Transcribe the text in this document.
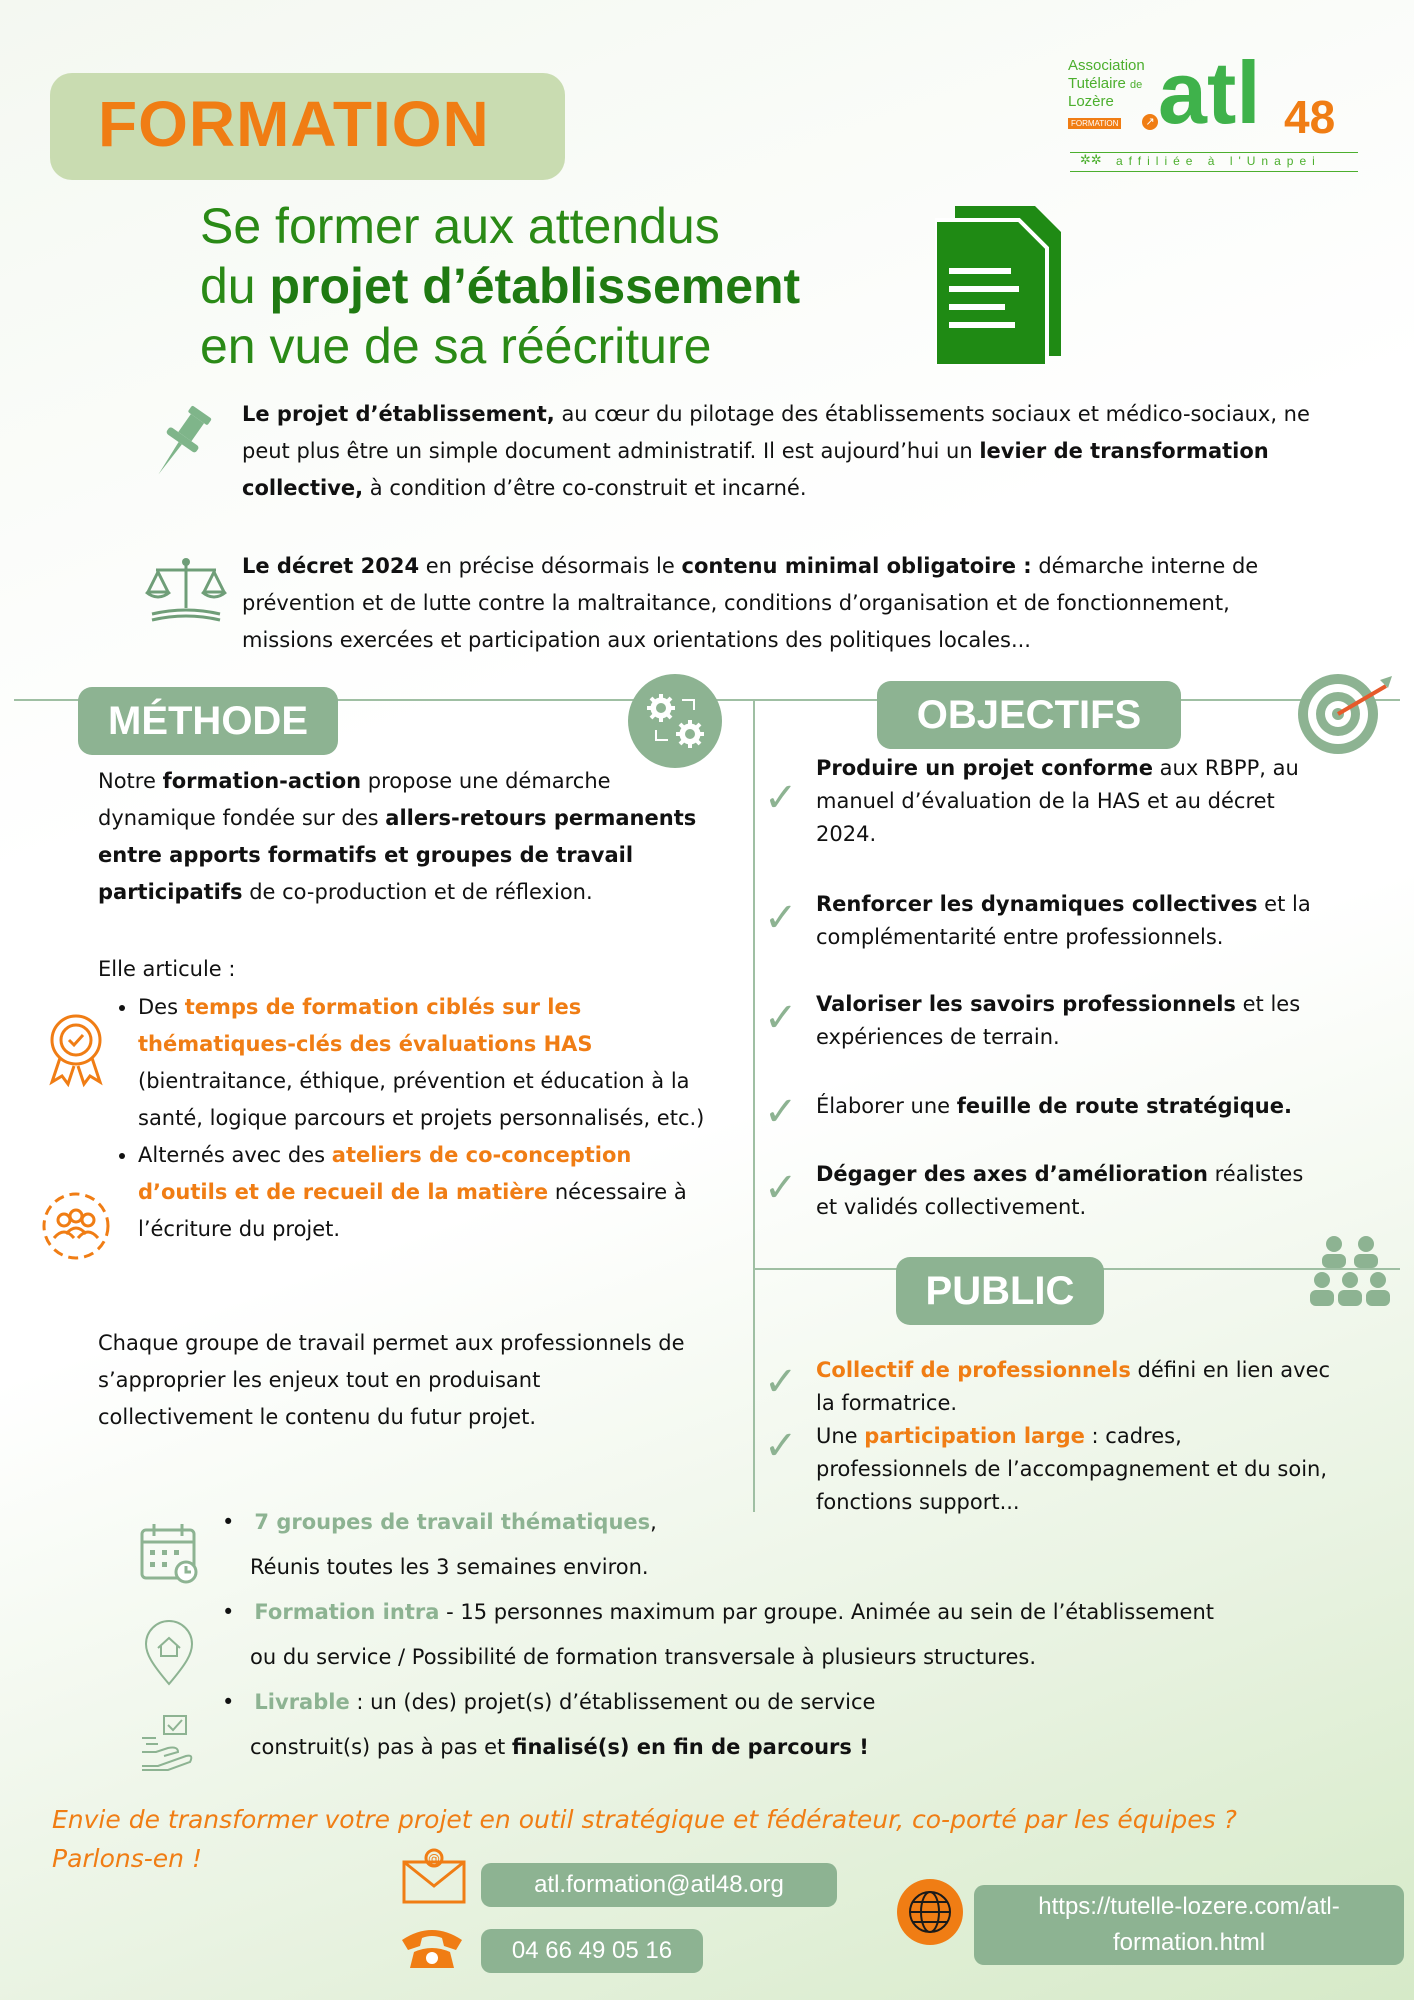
FORMATION
Association
Tutélaire de
Lozère
FORMATION	↗ atl 48
✲✲ affiliée à l'Unapei
Se former aux attendus
du projet d’établissement
en vue de sa réécriture
Le projet d’établissement, au cœur du pilotage des établissements sociaux et médico-sociaux, ne peut plus être un simple document administratif. Il est aujourd’hui un levier de transformation collective, à condition d’être co-construit et incarné.
Le décret 2024 en précise désormais le contenu minimal obligatoire : démarche interne de prévention et de lutte contre la maltraitance, conditions d’organisation et de fonctionnement, missions exercées et participation aux orientations des politiques locales...
MÉTHODE
Notre formation-action propose une démarche dynamique fondée sur des allers-retours permanents entre apports formatifs et groupes de travail participatifs de co-production et de réflexion.
Elle articule :
• Des temps de formation ciblés sur les thématiques-clés des évaluations HAS (bientraitance, éthique, prévention et éducation à la santé, logique parcours et projets personnalisés, etc.)
• Alternés avec des ateliers de co-conception d’outils et de recueil de la matière nécessaire à l’écriture du projet.
Chaque groupe de travail permet aux professionnels de s’approprier les enjeux tout en produisant collectivement le contenu du futur projet.
OBJECTIFS
✓
Produire un projet conforme aux RBPP, au manuel d’évaluation de la HAS et au décret 2024.
✓ Renforcer les dynamiques collectives et la complémentarité entre professionnels.
✓ Valoriser les savoirs professionnels et les expériences de terrain.
✓ Élaborer une feuille de route stratégique.
✓ Dégager des axes d’amélioration réalistes et validés collectivement.
PUBLIC
✓
✓
Collectif de professionnels défini en lien avec la formatrice.
Une participation large : cadres, professionnels de l’accompagnement et du soin, fonctions support...
•   7 groupes de travail thématiques,
Réunis toutes les 3 semaines environ.
•   Formation intra - 15 personnes maximum par groupe. Animée au sein de l’établissement
ou du service / Possibilité de formation transversale à plusieurs structures.
•   Livrable : un (des) projet(s) d’établissement ou de service
construit(s) pas à pas et finalisé(s) en fin de parcours !
Envie de transformer votre projet en outil stratégique et fédérateur, co-porté par les équipes ?
Parlons-en !	@
atl.formation@atl48.org
04 66 49 05 16
https://tutelle-lozere.com/atl-
formation.html
